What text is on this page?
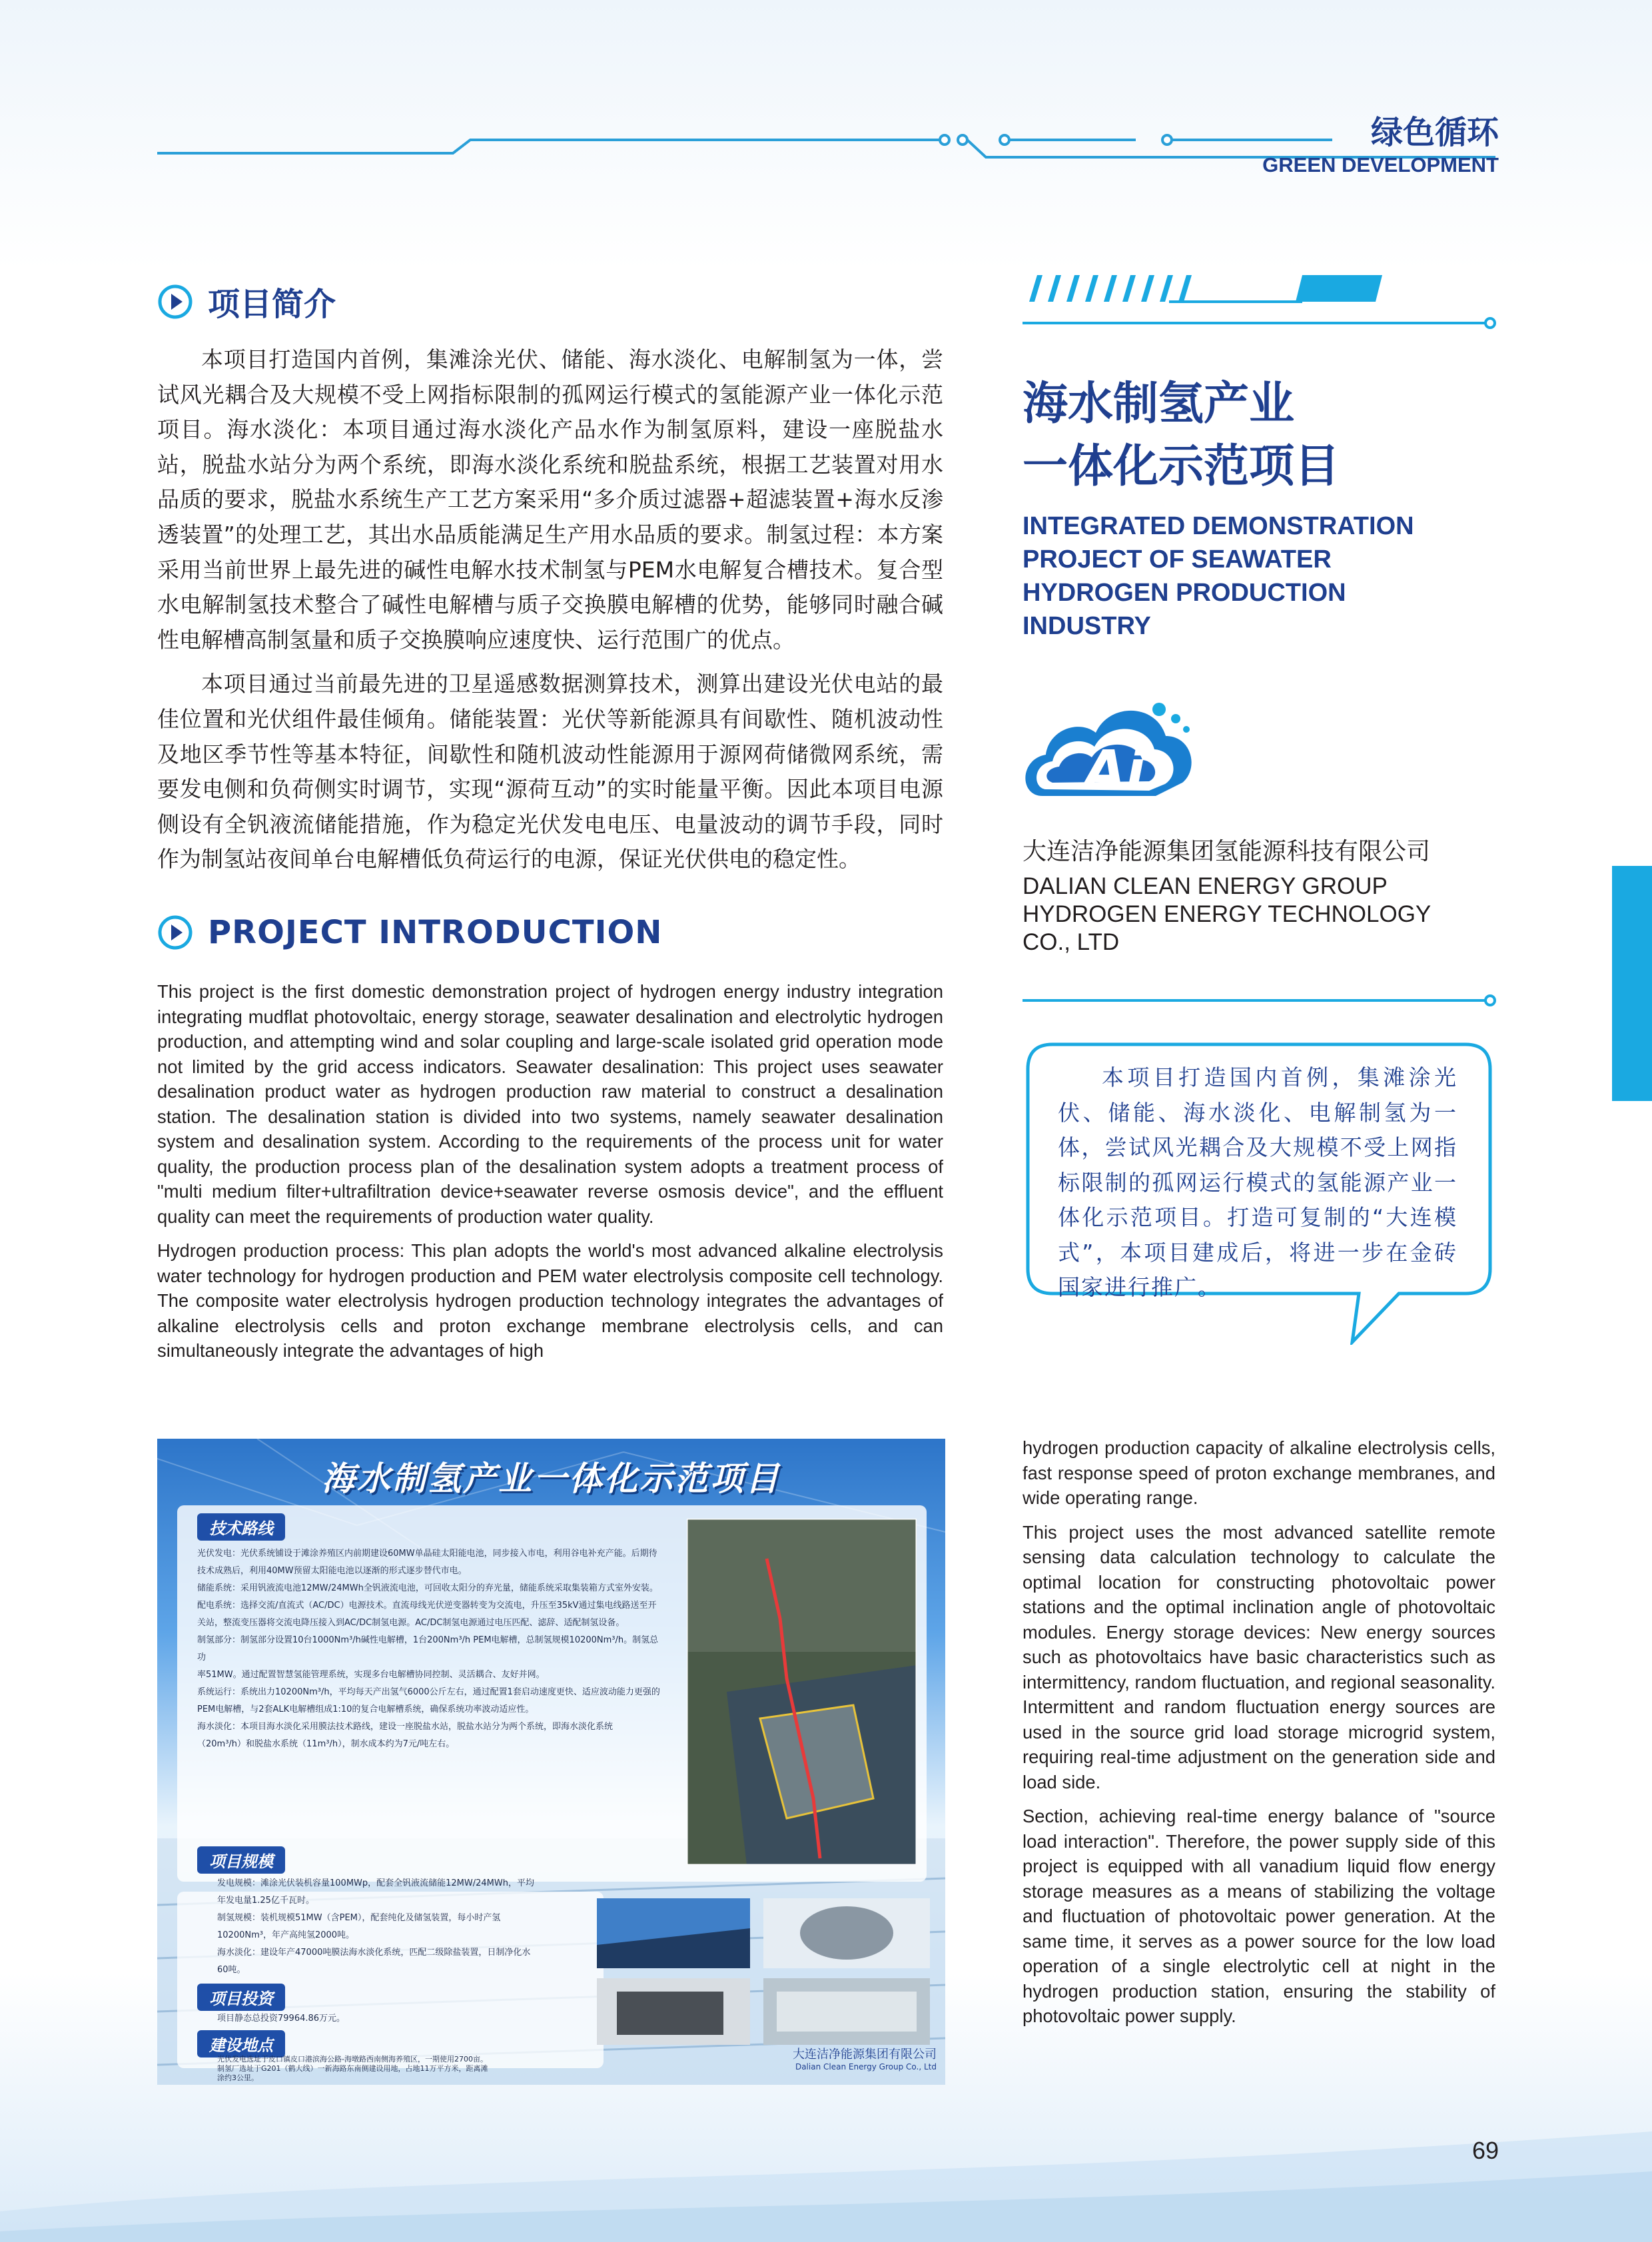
绿色循环
GREEN DEVELOPMENT
项目简介

本项目打造国内首例，集滩涂光伏、储能、海水淡化、电解制氢为一体，尝试风光耦合及大规模不受上网指标限制的孤网运行模式的氢能源产业一体化示范项目。海水淡化：本项目通过海水淡化产品水作为制氢原料，建设一座脱盐水站，脱盐水站分为两个系统，即海水淡化系统和脱盐系统，根据工艺装置对用水品质的要求，脱盐水系统生产工艺方案采用“多介质过滤器+超滤装置+海水反渗透装置”的处理工艺，其出水品质能满足生产用水品质的要求。制氢过程：本方案采用当前世界上最先进的碱性电解水技术制氢与PEM水电解复合槽技术。复合型水电解制氢技术整合了碱性电解槽与质子交换膜电解槽的优势，能够同时融合碱性电解槽高制氢量和质子交换膜响应速度快、运行范围广的优点。

本项目通过当前最先进的卫星遥感数据测算技术，测算出建设光伏电站的最佳位置和光伏组件最佳倾角。储能装置：光伏等新能源具有间歇性、随机波动性及地区季节性等基本特征，间歇性和随机波动性能源用于源网荷储微网系统，需要发电侧和负荷侧实时调节，实现“源荷互动”的实时能量平衡。因此本项目电源侧设有全钒液流储能措施，作为稳定光伏发电电压、电量波动的调节手段，同时作为制氢站夜间单台电解槽低负荷运行的电源，保证光伏供电的稳定性。

PROJECT INTRODUCTION

This project is the first domestic demonstration project of hydrogen energy industry integration integrating mudflat photovoltaic, energy storage, seawater desalination and electrolytic hydrogen production, and attempting wind and solar coupling and large-scale isolated grid operation mode not limited by the grid access indicators. Seawater desalination: This project uses seawater desalination product water as hydrogen production raw material to construct a desalination station. The desalination station is divided into two systems, namely seawater desalination system and desalination system. According to the requirements of the process unit for water quality, the production process plan of the desalination system adopts a treatment process of "multi medium filter+ultrafiltration device+seawater reverse osmosis device", and the effluent quality can meet the requirements of production water quality.

Hydrogen production process: This plan adopts the world's most advanced alkaline electrolysis water technology for hydrogen production and PEM water electrolysis composite cell technology. The composite water electrolysis hydrogen production technology integrates the advantages of alkaline electrolysis cells and proton exchange membrane electrolysis cells, and can simultaneously integrate the advantages of high

海水制氢产业
一体化示范项目
INTEGRATED DEMONSTRATION
PROJECT OF SEAWATER
HYDROGEN PRODUCTION
INDUSTRY
Ai
大连洁净能源集团氢能源科技有限公司
DALIAN CLEAN ENERGY GROUP
HYDROGEN ENERGY TECHNOLOGY
CO., LTD
本项目打造国内首例，集滩涂光伏、储能、海水淡化、电解制氢为一体，尝试风光耦合及大规模不受上网指标限制的孤网运行模式的氢能源产业一体化示范项目。打造可复制的“大连模式”，本项目建成后，将进一步在金砖国家进行推广。

hydrogen production capacity of alkaline electrolysis cells, fast response speed of proton exchange membranes, and wide operating range.

This project uses the most advanced satellite remote sensing data calculation technology to calculate the optimal location for constructing photovoltaic power stations and the optimal inclination angle of photovoltaic modules. Energy storage devices: New energy sources such as photovoltaics have basic characteristics such as intermittency, random fluctuation, and regional seasonality. Intermittent and random fluctuation energy sources are used in the source grid load storage microgrid system, requiring real-time adjustment on the generation side and load side.

Section, achieving real-time energy balance of "source load interaction". Therefore, the power supply side of this project is equipped with all vanadium liquid flow energy storage measures as a means of stabilizing the voltage and fluctuation of photovoltaic power generation. At the same time, it serves as a power source for the low load operation of a single electrolytic cell at night in the hydrogen production station, ensuring the stability of photovoltaic power supply.

海水制氢产业一体化示范项目
技术路线
光伏发电：光伏系统铺设于滩涂养殖区内前期建设60MW单晶硅太阳能电池，同步接入市电，利用谷电补充产能。后期待
技术成熟后，利用40MW预留太阳能电池以逐渐的形式逐步替代市电。
储能系统：采用钒液流电池12MW/24MWh全钒液流电池，可回收太阳分的弃光量，储能系统采取集装箱方式室外安装。
配电系统：选择交流/直流式（AC/DC）电源技术。直流母线光伏逆变器转变为交流电，升压至35kV通过集电线路送至开
关站，整流变压器将交流电降压接入到AC/DC制氢电源。AC/DC制氢电源通过电压匹配、滤辞、适配制氢设备。
制氢部分：制氢部分设置10台1000Nm³/h碱性电解槽，1台200Nm³/h PEM电解槽，总制氢规模10200Nm³/h。制氢总功
率51MW。通过配置智慧氢能管理系统，实现多台电解槽协同控制、灵活耦合、友好并网。
系统运行：系统出力10200Nm³/h，平均每天产出氢气6000公斤左右，通过配置1套启动速度更快、适应波动能力更强的
PEM电解槽，与2套ALK电解槽组成1:10的复合电解槽系统，确保系统功率波动适应性。
海水淡化：本项目海水淡化采用膜法技术路线，建设一座脱盐水站，脱盐水站分为两个系统，即海水淡化系统
（20m³/h）和脱盐水系统（11m³/h），制水成本约为7元/吨左右。
项目规模
发电规模：滩涂光伏装机容量100MWp，配套全钒液流储能12MW/24MWh，平均
年发电量1.25亿千瓦时。
制氢规模：装机规模51MW（含PEM），配套纯化及储氢装置，每小时产氢
10200Nm³，年产高纯氢2000吨。
海水淡化：建设年产47000吨膜法海水淡化系统，匹配二级除盐装置，日制净化水
60吨。
项目投资
项目静态总投资79964.86万元。
建设地点
光伏发电选址于皮口镇皮口港滨海公路-海墩路西南侧海养殖区，一期使用2700亩。
制氢厂选址于G201（鹤大线）一新海路东南侧建设用地，占地11万平方米，距离滩
涂约3公里。
大连洁净能源集团有限公司
Dalian Clean Energy Group Co., Ltd
69
